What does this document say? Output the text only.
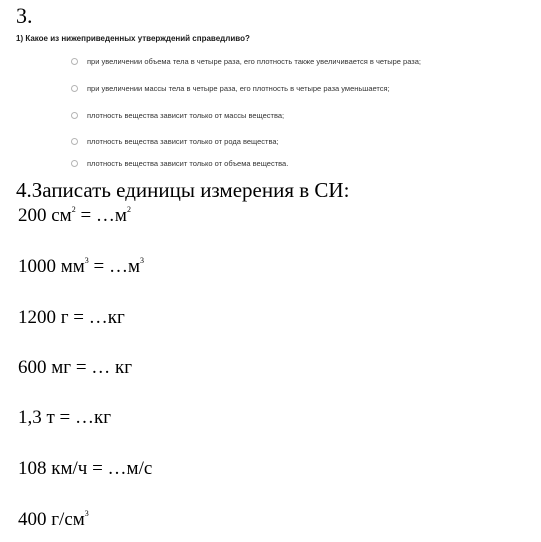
3.
1) Какое из нижеприведенных утверждений справедливо?
при увеличении объема тела в четыре раза, его плотность также увеличивается в четыре раза;
при увеличении массы тела в четыре раза, его плотность в четыре раза уменьшается;
плотность вещества зависит только от массы вещества;
плотность вещества зависит только от рода вещества;
плотность вещества зависит только от объема вещества.
4.Записать единицы измерения в СИ:
200 $см^2$ = $\dots м^2$
1000 $мм^3$ = $\dots м^3$
1200 г = …кг
600 мг = … кг
1,3 т = …кг
108 км/ч = …м/с
400 $г/см^3$
